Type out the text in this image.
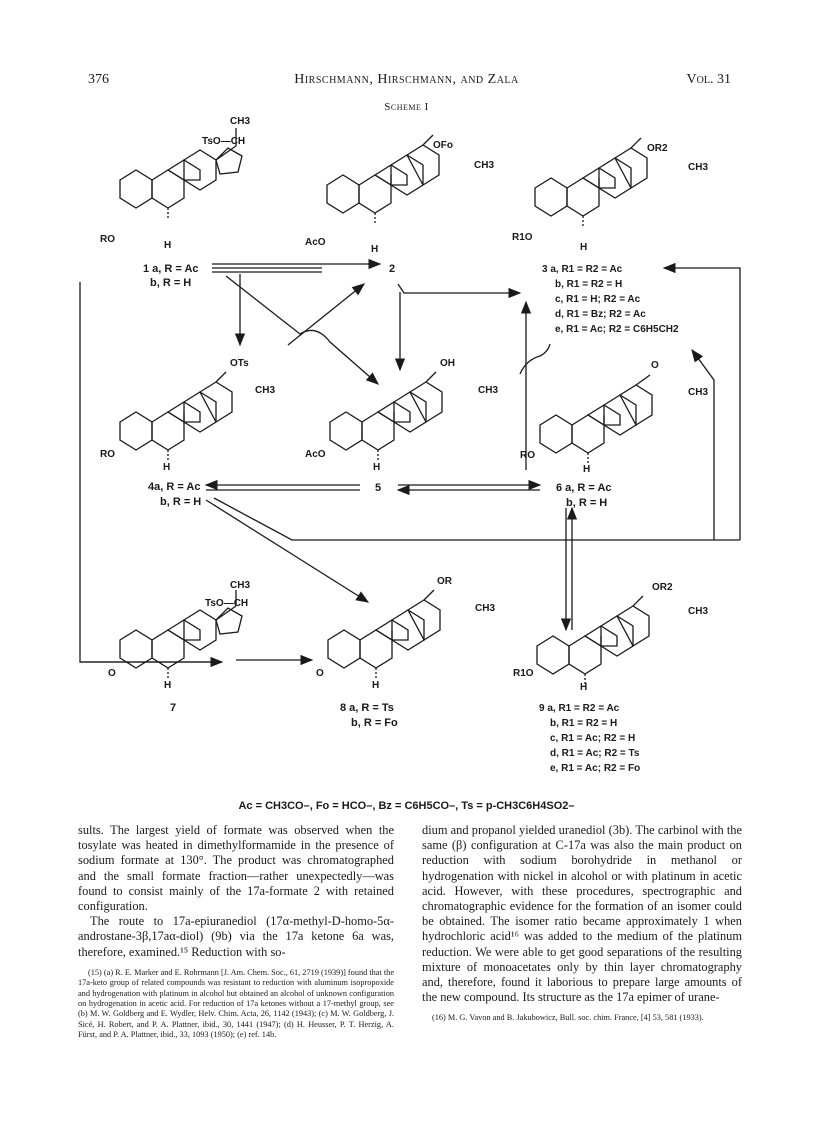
376	Hirschmann, Hirschmann, and Zala	Vol. 31
Scheme I
CH3
TsO—CH
RO
H
OFo
CH3
AcO
H
OR2
CH3
R1O
H
1 a, R = Ac
b, R = H
2	3 a, R1 = R2 = Ac
b, R1 = R2 = H
c, R1 = H; R2 = Ac
d, R1 = Bz; R2 = Ac
e, R1 = Ac; R2 = C6H5CH2
OTs
CH3
RO
H
OH
CH3
AcO
H
O
CH3
RO
H
4a, R = Ac
b, R = H
5	6 a, R = Ac
b, R = H
CH3
TsO—CH
O
H
OR
CH3
O
H
OR2
CH3
R1O
H
7	8 a, R = Ts
b, R = Fo
9 a, R1 = R2 = Ac
b, R1 = R2 = H
c, R1 = Ac; R2 = H
d, R1 = Ac; R2 = Ts
e, R1 = Ac; R2 = Fo
Ac = CH3CO–, Fo = HCO–, Bz = C6H5CO–, Ts = p-CH3C6H4SO2–

sults. The largest yield of formate was observed when the tosylate was heated in dimethylformamide in the presence of sodium formate at 130°. The product was chromatographed and the small formate fraction—rather unexpectedly—was found to consist mainly of the 17a-formate 2 with retained configuration.

The route to 17a-epiuranediol (17α-methyl-D-homo-5α-androstane-3β,17aα-diol) (9b) via the 17a ketone 6a was, therefore, examined.¹⁵ Reduction with so-

(15) (a) R. E. Marker and E. Rohrmann [J. Am. Chem. Soc., 61, 2719 (1939)] found that the 17a-keto group of related compounds was resistant to reduction with aluminum isopropoxide and hydrogenation with platinum in alcohol but obtained an alcohol of unknown configuration on hydrogenation in acetic acid. For reduction of 17a ketones without a 17-methyl group, see (b) M. W. Goldberg and E. Wydler, Helv. Chim. Acta, 26, 1142 (1943); (c) M. W. Goldberg, J. Sicé, H. Robert, and P. A. Plattner, ibid., 30, 1441 (1947); (d) H. Heusser, P. T. Herzig, A. Fürst, and P. A. Plattner, ibid., 33, 1093 (1950); (e) ref. 14b.

dium and propanol yielded uranediol (3b). The carbinol with the same (β) configuration at C-17a was also the main product on reduction with sodium borohydride in methanol or hydrogenation with nickel in alcohol or with platinum in acetic acid. However, with these procedures, spectrographic and chromatographic evidence for the formation of an isomer could be obtained. The isomer ratio became approximately 1 when hydrochloric acid¹⁶ was added to the medium of the platinum reduction. We were able to get good separations of the resulting mixture of monoacetates only by thin layer chromatography and, therefore, found it laborious to prepare large amounts of the new compound. Its structure as the 17a epimer of urane-

(16) M. G. Vavon and B. Jakubowicz, Bull. soc. chim. France, [4] 53, 581 (1933).
